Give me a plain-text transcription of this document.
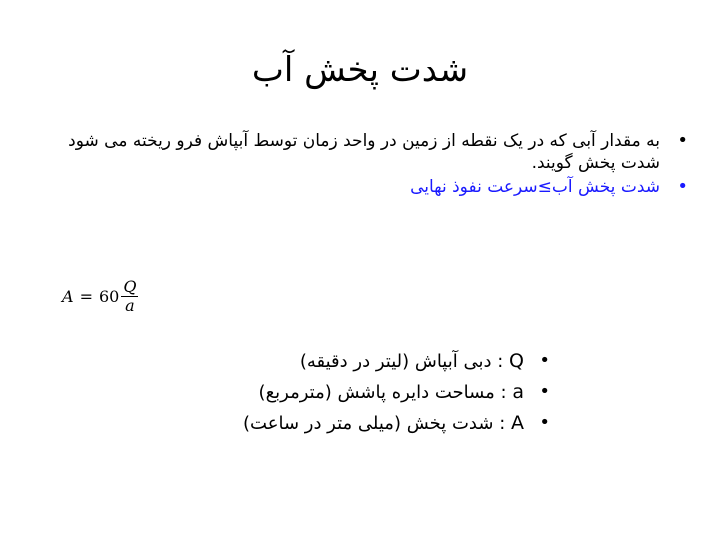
شدت پخش آب
•
به مقدار آبی که در یک نقطه از زمین در واحد زمان توسط آبپاش فرو ریخته می شود شدت پخش گویند.
•
شدت پخش آب≥سرعت نفوذ نهایی
$A = 60 \frac{Q}{a}$
•
Q : دبی آبپاش (لیتر در دقیقه)
•
a : مساحت دایره پاشش (مترمربع)
•
A : شدت پخش (میلی متر در ساعت)
